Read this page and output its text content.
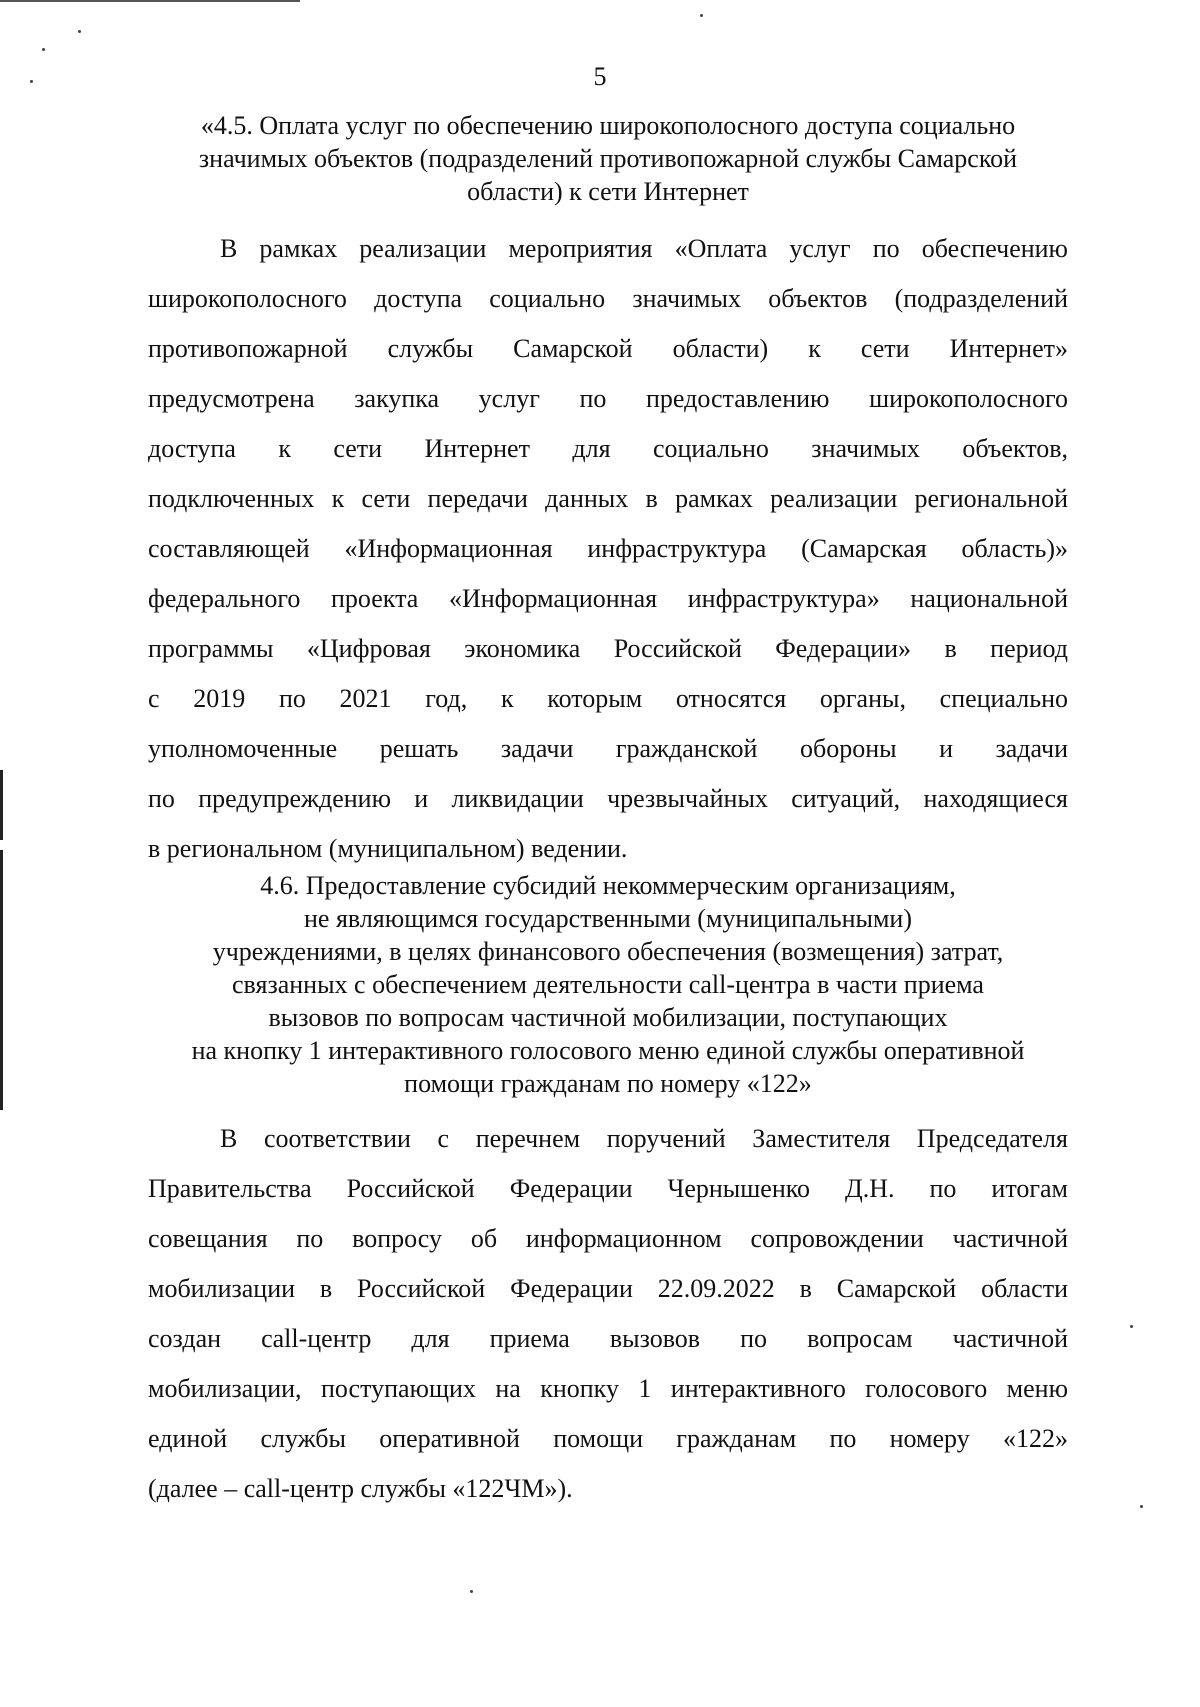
5
«4.5. Оплата услуг по обеспечению широкополосного доступа социально
значимых объектов (подразделений противопожарной службы Самарской
области) к сети Интернет
В рамках реализации мероприятия «Оплата услуг по обеспечению
широкополосного доступа социально значимых объектов (подразделений
противопожарной службы Самарской области) к сети Интернет»
предусмотрена закупка услуг по предоставлению широкополосного
доступа к сети Интернет для социально значимых объектов,
подключенных к сети передачи данных в рамках реализации региональной
составляющей «Информационная инфраструктура (Самарская область)»
федерального проекта «Информационная инфраструктура» национальной
программы «Цифровая экономика Российской Федерации» в период
с 2019 по 2021 год, к которым относятся органы, специально
уполномоченные решать задачи гражданской обороны и задачи
по предупреждению и ликвидации чрезвычайных ситуаций, находящиеся
в региональном (муниципальном) ведении.
4.6. Предоставление субсидий некоммерческим организациям,
не являющимся государственными (муниципальными)
учреждениями, в целях финансового обеспечения (возмещения) затрат,
связанных с обеспечением деятельности call-центра в части приема
вызовов по вопросам частичной мобилизации, поступающих
на кнопку 1 интерактивного голосового меню единой службы оперативной
помощи гражданам по номеру «122»
В соответствии с перечнем поручений Заместителя Председателя
Правительства Российской Федерации Чернышенко Д.Н. по итогам
совещания по вопросу об информационном сопровождении частичной
мобилизации в Российской Федерации 22.09.2022 в Самарской области
создан call-центр для приема вызовов по вопросам частичной
мобилизации, поступающих на кнопку 1 интерактивного голосового меню
единой службы оперативной помощи гражданам по номеру «122»
(далее – call-центр службы «122ЧМ»).
